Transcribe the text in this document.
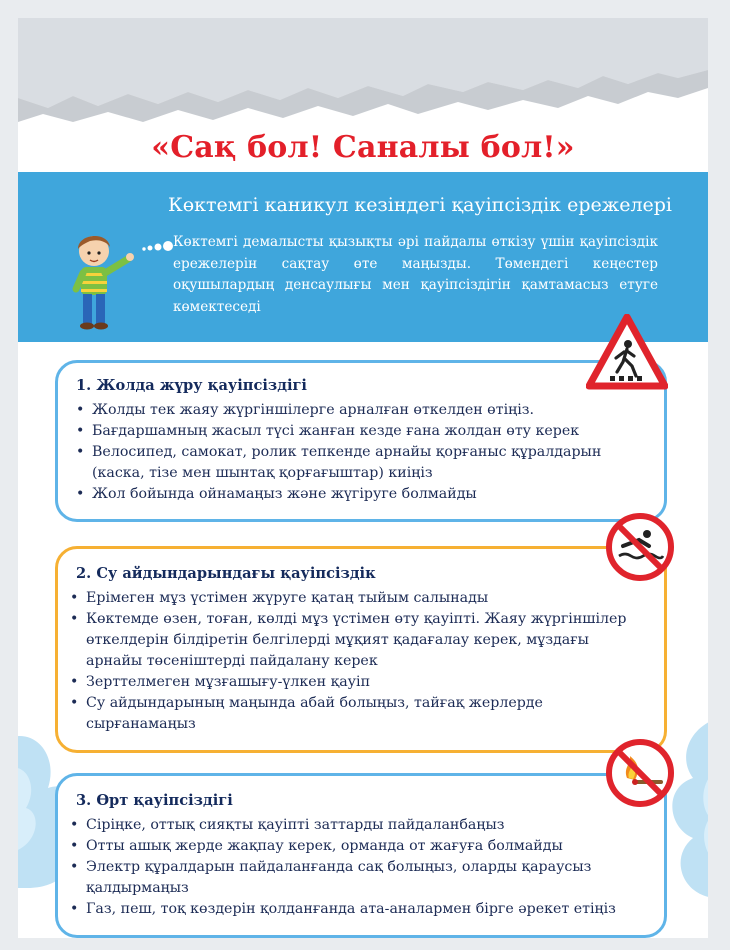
«Сақ бол! Саналы бол!»
Көктемгі каникул кезіндегі қауіпсіздік ережелері
Көктемгі демалысты қызықты әрі пайдалы өткізу үшін қауіпсіздік ережелерін сақтау өте маңызды. Төмендегі кеңестер оқушылардың денсаулығы мен қауіпсіздігін қамтамасыз етуге көмектеседі
1. Жолда жүру қауіпсіздігі
• Жолды тек жаяу жүргіншілерге арналған өткелден өтіңіз.
• Бағдаршамның жасыл түсі жанған кезде ғана жолдан өту керек
• Велосипед, самокат, ролик тепкенде арнайы қорғаныс құралдарын (каска, тізе мен шынтақ қорғағыштар) киіңіз
• Жол бойында ойнамаңыз және жүгіруге болмайды
2. Су айдындарындағы қауіпсіздік
• Ерімеген мұз үстімен жүруге қатаң тыйым салынады
• Көктемде өзен, тоған, көлді мұз үстімен өту қауіпті. Жаяу жүргіншілер өткелдерін білдіретін белгілерді мұқият қадағалау керек, мұздағы арнайы төсеніштерді пайдалану керек
• Зерттелмеген мұзғашығу-үлкен қауіп
• Су айдындарының маңында абай болыңыз, тайғақ жерлерде сырғанамаңыз
3. Өрт қауіпсіздігі
• Сіріңке, оттық сияқты қауіпті заттарды пайдаланбаңыз
• Отты ашық жерде жақпау керек, орманда от жағуға болмайды
• Электр құралдарын пайдаланғанда сақ болыңыз, оларды қараусыз қалдырмаңыз
• Газ, пеш, тоқ көздерін қолданғанда ата-аналармен бірге әрекет етіңіз
